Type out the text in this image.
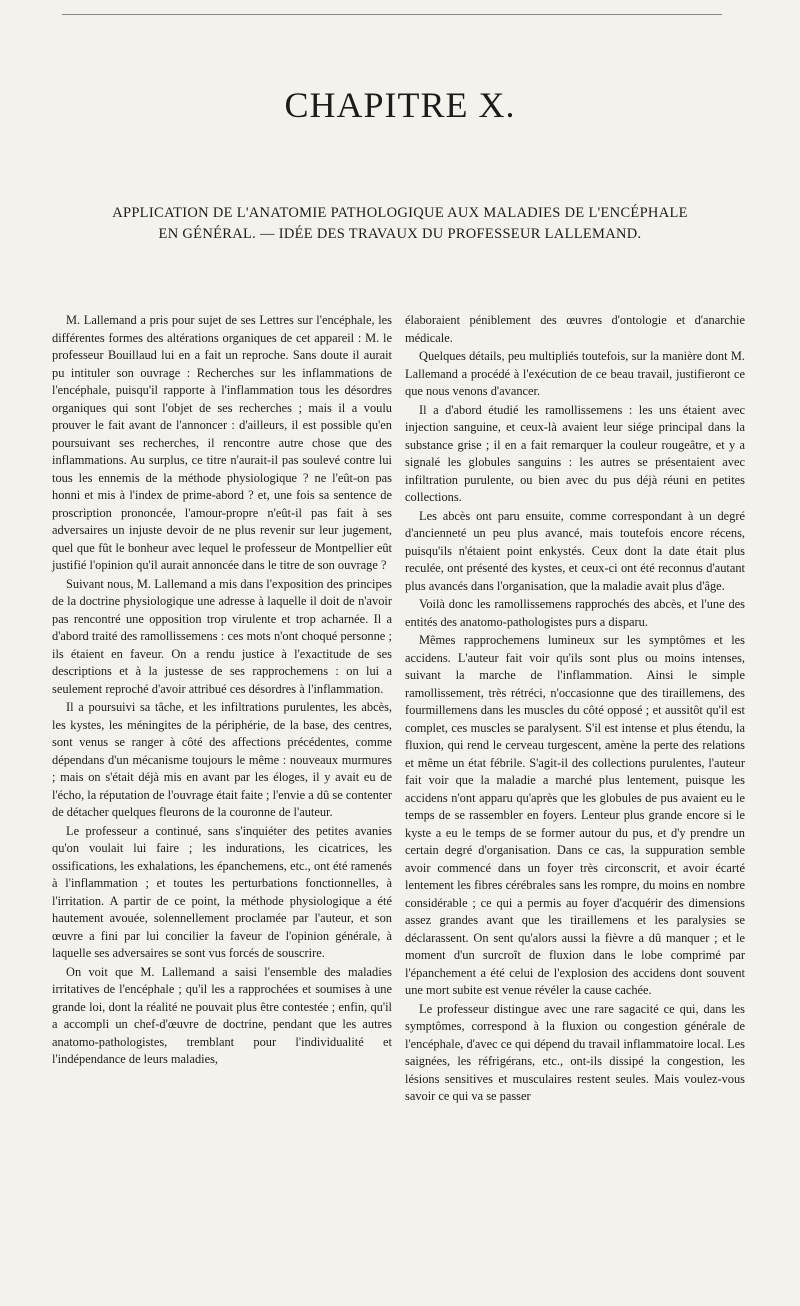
CHAPITRE X.
APPLICATION DE L'ANATOMIE PATHOLOGIQUE AUX MALADIES DE L'ENCÉPHALE
EN GÉNÉRAL. — IDÉE DES TRAVAUX DU PROFESSEUR LALLEMAND.

M. Lallemand a pris pour sujet de ses Lettres sur l'encéphale, les différentes formes des altérations organiques de cet appareil : M. le professeur Bouillaud lui en a fait un reproche. Sans doute il aurait pu intituler son ouvrage : Recherches sur les inflammations de l'encéphale, puisqu'il rapporte à l'inflammation tous les désordres organiques qui sont l'objet de ses recherches ; mais il a voulu prouver le fait avant de l'annoncer : d'ailleurs, il est possible qu'en poursuivant ses recherches, il rencontre autre chose que des inflammations. Au surplus, ce titre n'aurait-il pas soulevé contre lui tous les ennemis de la méthode physiologique ? ne l'eût-on pas honni et mis à l'index de prime-abord ? et, une fois sa sentence de proscription prononcée, l'amour-propre n'eût-il pas fait à ses adversaires un injuste devoir de ne plus revenir sur leur jugement, quel que fût le bonheur avec lequel le professeur de Montpellier eût justifié l'opinion qu'il aurait annoncée dans le titre de son ouvrage ?

Suivant nous, M. Lallemand a mis dans l'exposition des principes de la doctrine physiologique une adresse à laquelle il doit de n'avoir pas rencontré une opposition trop virulente et trop acharnée. Il a d'abord traité des ramollissemens : ces mots n'ont choqué personne ; ils étaient en faveur. On a rendu justice à l'exactitude de ses descriptions et à la justesse de ses rapprochemens : on lui a seulement reproché d'avoir attribué ces désordres à l'inflammation.

Il a poursuivi sa tâche, et les infiltrations purulentes, les abcès, les kystes, les méningites de la périphérie, de la base, des centres, sont venus se ranger à côté des affections précédentes, comme dépendans d'un mécanisme toujours le même : nouveaux murmures ; mais on s'était déjà mis en avant par les éloges, il y avait eu de l'écho, la réputation de l'ouvrage était faite ; l'envie a dû se contenter de détacher quelques fleurons de la couronne de l'auteur.

Le professeur a continué, sans s'inquiéter des petites avanies qu'on voulait lui faire ; les indurations, les cicatrices, les ossifications, les exhalations, les épanchemens, etc., ont été ramenés à l'inflammation ; et toutes les perturbations fonctionnelles, à l'irritation. A partir de ce point, la méthode physiologique a été hautement avouée, solennellement proclamée par l'auteur, et son œuvre a fini par lui concilier la faveur de l'opinion générale, à laquelle ses adversaires se sont vus forcés de souscrire.

On voit que M. Lallemand a saisi l'ensemble des maladies irritatives de l'encéphale ; qu'il les a rapprochées et soumises à une grande loi, dont la réalité ne pouvait plus être contestée ; enfin, qu'il a accompli un chef-d'œuvre de doctrine, pendant que les autres anatomo-pathologistes, tremblant pour l'individualité et l'indépendance de leurs maladies,

élaboraient péniblement des œuvres d'ontologie et d'anarchie médicale.

Quelques détails, peu multipliés toutefois, sur la manière dont M. Lallemand a procédé à l'exécution de ce beau travail, justifieront ce que nous venons d'avancer.

Il a d'abord étudié les ramollissemens : les uns étaient avec injection sanguine, et ceux-là avaient leur siége principal dans la substance grise ; il en a fait remarquer la couleur rougeâtre, et y a signalé les globules sanguins : les autres se présentaient avec infiltration purulente, ou bien avec du pus déjà réuni en petites collections.

Les abcès ont paru ensuite, comme correspondant à un degré d'ancienneté un peu plus avancé, mais toutefois encore récens, puisqu'ils n'étaient point enkystés. Ceux dont la date était plus reculée, ont présenté des kystes, et ceux-ci ont été reconnus d'autant plus avancés dans l'organisation, que la maladie avait plus d'âge.

Voilà donc les ramollissemens rapprochés des abcès, et l'une des entités des anatomo-pathologistes purs a disparu.

Mêmes rapprochemens lumineux sur les symptômes et les accidens. L'auteur fait voir qu'ils sont plus ou moins intenses, suivant la marche de l'inflammation. Ainsi le simple ramollissement, très rétréci, n'occasionne que des tiraillemens, des fourmillemens dans les muscles du côté opposé ; et aussitôt qu'il est complet, ces muscles se paralysent. S'il est intense et plus étendu, la fluxion, qui rend le cerveau turgescent, amène la perte des relations et même un état fébrile. S'agit-il des collections purulentes, l'auteur fait voir que la maladie a marché plus lentement, puisque les accidens n'ont apparu qu'après que les globules de pus avaient eu le temps de se rassembler en foyers. Lenteur plus grande encore si le kyste a eu le temps de se former autour du pus, et d'y prendre un certain degré d'organisation. Dans ce cas, la suppuration semble avoir commencé dans un foyer très circonscrit, et avoir écarté lentement les fibres cérébrales sans les rompre, du moins en nombre considérable ; ce qui a permis au foyer d'acquérir des dimensions assez grandes avant que les tiraillemens et les paralysies se déclarassent. On sent qu'alors aussi la fièvre a dû manquer ; et le moment d'un surcroît de fluxion dans le lobe comprimé par l'épanchement a été celui de l'explosion des accidens dont souvent une mort subite est venue révéler la cause cachée.

Le professeur distingue avec une rare sagacité ce qui, dans les symptômes, correspond à la fluxion ou congestion générale de l'encéphale, d'avec ce qui dépend du travail inflammatoire local. Les saignées, les réfrigérans, etc., ont-ils dissipé la congestion, les lésions sensitives et musculaires restent seules. Mais voulez-vous savoir ce qui va se passer
